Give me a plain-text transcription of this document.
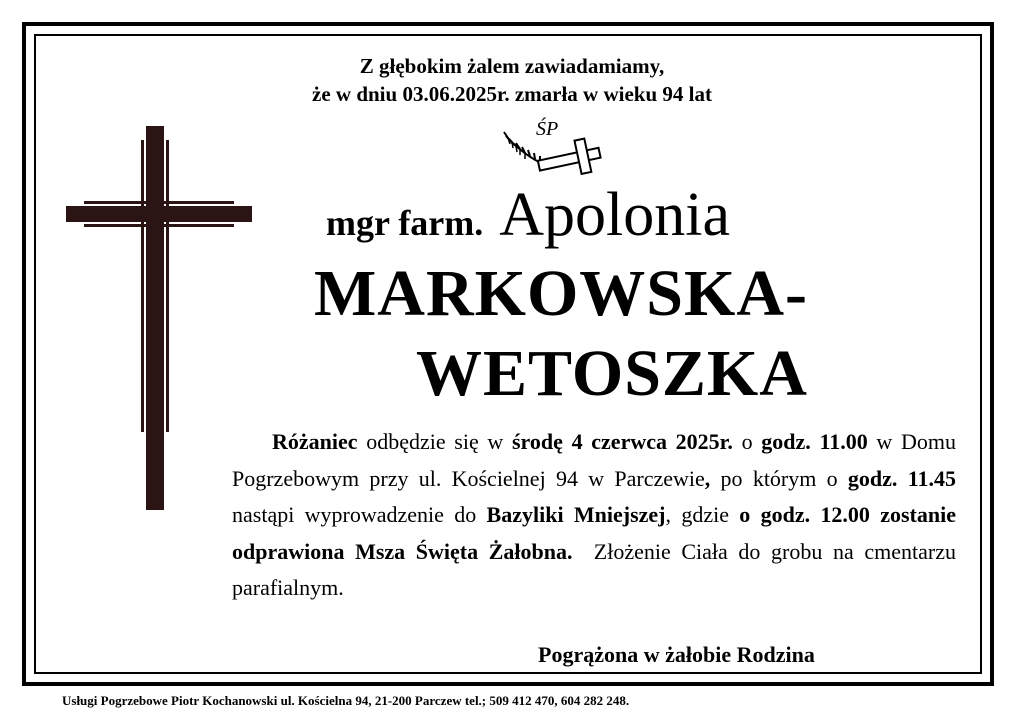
Z głębokim żalem zawiadamiamy,
że w dniu 03.06.2025r. zmarła w wieku 94 lat
ŚP
mgr farm. Apolonia
MARKOWSKA-
WETOSZKA
Różaniec odbędzie się w środę 4 czerwca 2025r. o godz. 11.00 w Domu Pogrzebowym przy ul. Kościelnej 94 w Parczewie, po którym o godz. 11.45 nastąpi wyprowadzenie do Bazyliki Mniejszej, gdzie o godz. 12.00 zostanie odprawiona Msza Święta Żałobna.  Złożenie Ciała do grobu na cmentarzu parafialnym.
Pogrążona w żałobie Rodzina
Usługi Pogrzebowe Piotr Kochanowski ul. Kościelna 94, 21-200 Parczew tel.; 509 412 470, 604 282 248.
